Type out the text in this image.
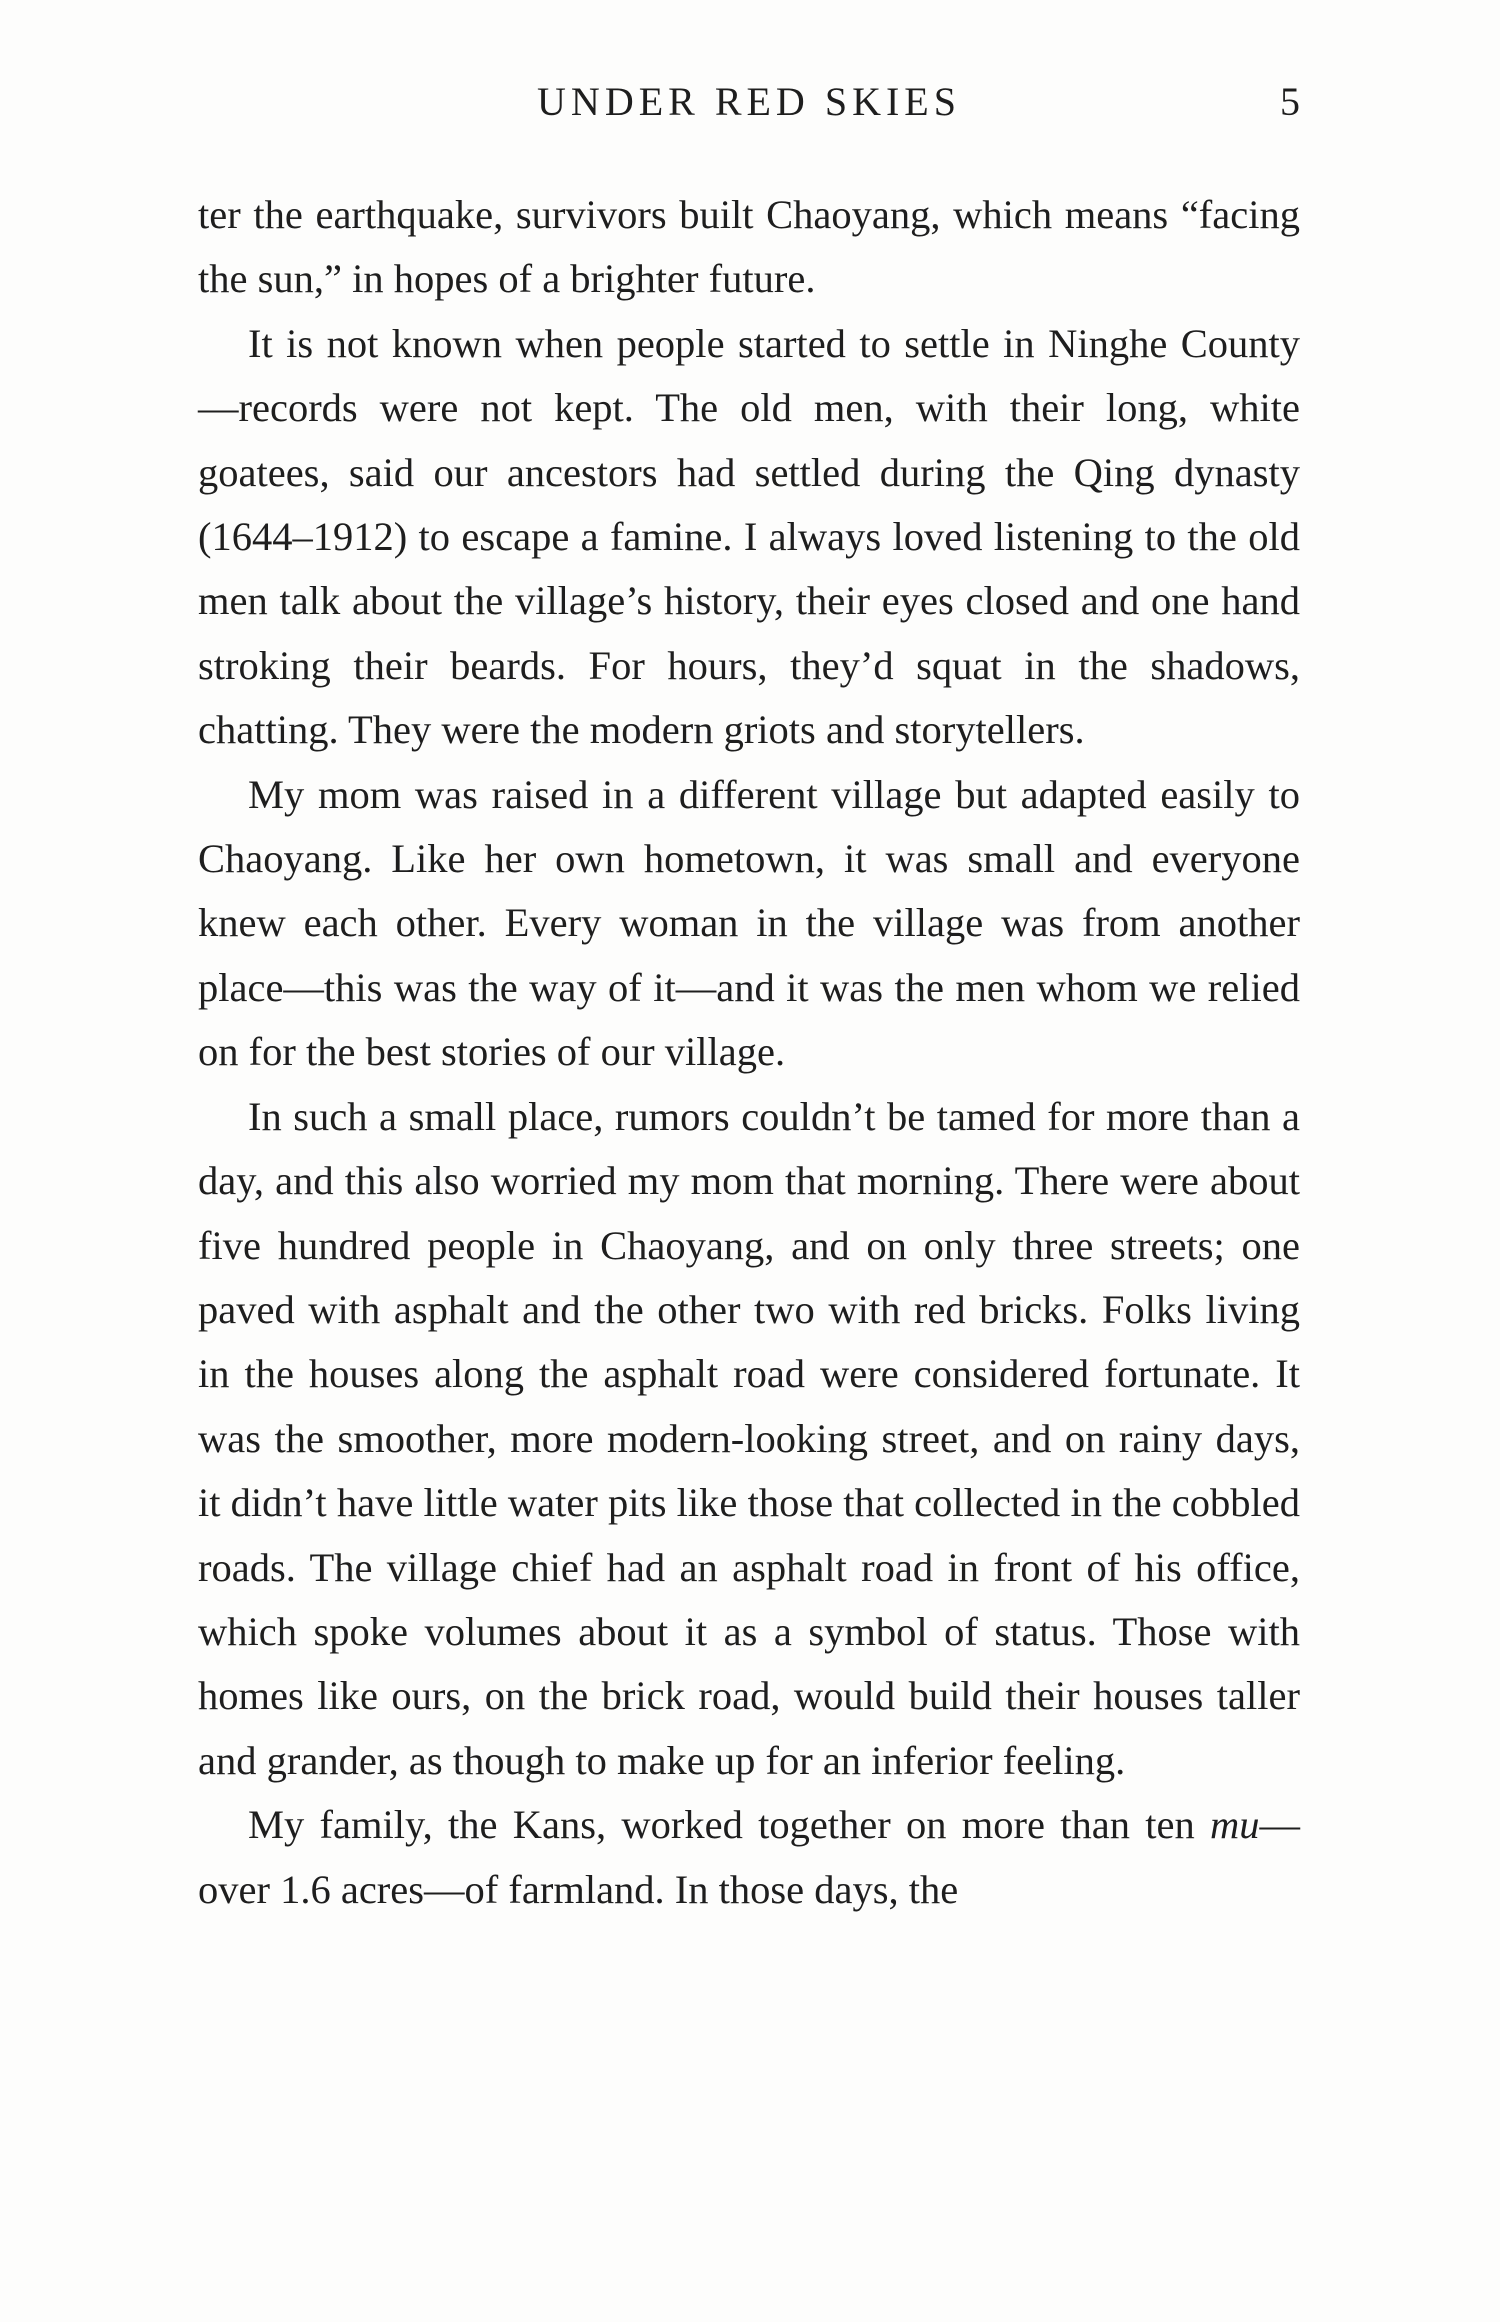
UNDER RED SKIES	5

ter the earthquake, survivors built Chaoyang, which means “facing the sun,” in hopes of a brighter future.

It is not known when people started to settle in Ninghe County—records were not kept. The old men, with their long, white goatees, said our ancestors had settled during the Qing dynasty (1644–1912) to escape a famine. I always loved listening to the old men talk about the village’s history, their eyes closed and one hand stroking their beards. For hours, they’d squat in the shadows, chatting. They were the modern griots and storytellers.

My mom was raised in a different village but adapted easily to Chaoyang. Like her own hometown, it was small and everyone knew each other. Every woman in the village was from another place—this was the way of it—and it was the men whom we relied on for the best stories of our village.

In such a small place, rumors couldn’t be tamed for more than a day, and this also worried my mom that morning. There were about five hundred people in Chaoyang, and on only three streets; one paved with asphalt and the other two with red bricks. Folks living in the houses along the asphalt road were considered fortunate. It was the smoother, more modern-looking street, and on rainy days, it didn’t have little water pits like those that collected in the cobbled roads. The village chief had an asphalt road in front of his office, which spoke volumes about it as a symbol of status. Those with homes like ours, on the brick road, would build their houses taller and grander, as though to make up for an inferior feeling.

My family, the Kans, worked together on more than ten mu—over 1.6 acres—of farmland. In those days, the
